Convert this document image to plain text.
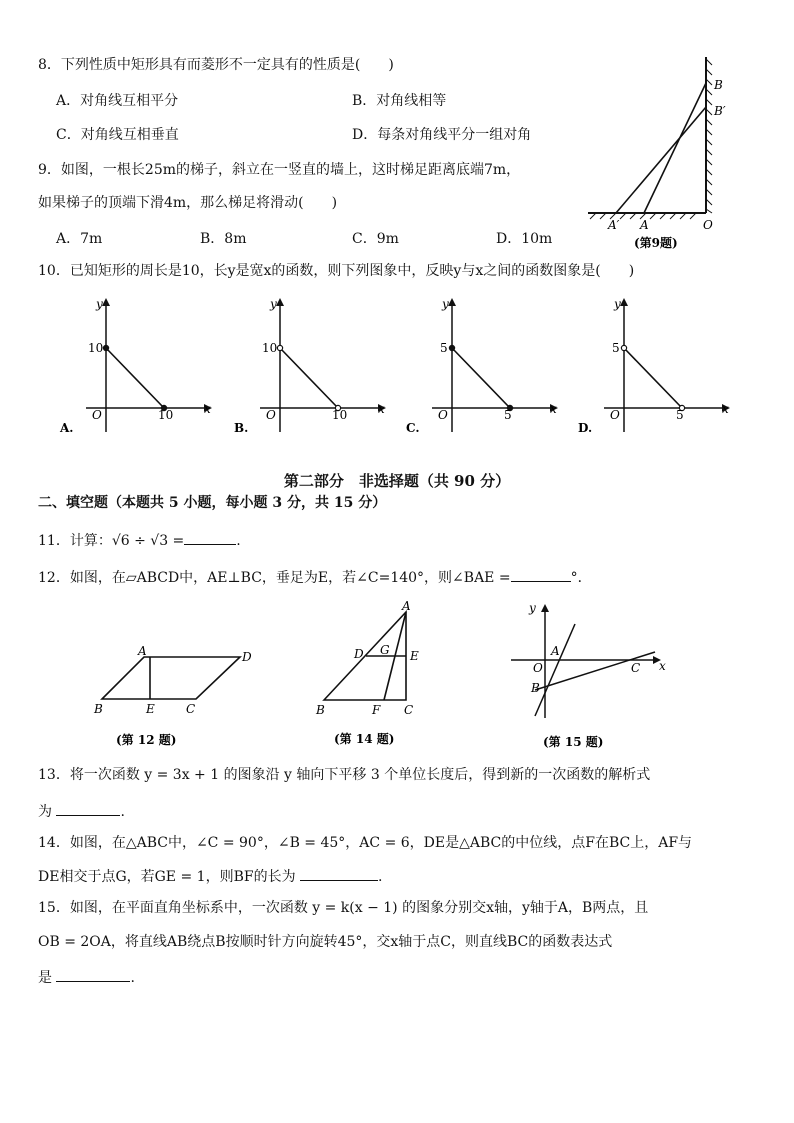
8．下列性质中矩形具有而菱形不一定具有的性质是(　　)
A．对角线互相平分	B．对角线相等
C．对角线互相垂直	D．每条对角线平分一组对角
9．如图，一根长25m的梯子，斜立在一竖直的墙上，这时梯足距离底端7m，
如果梯子的顶端下滑4m，那么梯足将滑动(　　)
A．7m	B．8m	C．9m	D．10m
B
B′
A′ A	O
(第9题)
10．已知矩形的周长是10，长y是宽x的函数，则下列图象中，反映y与x之间的函数图象是(　　)
y
x
O
10
10
A.
y
x
O
10
10
B.
y
x
O
5
5
C.
y
x
O
5
5
D.
第二部分　非选择题（共 90 分）
二、填空题（本题共 5 小题，每小题 3 分，共 15 分）
11．计算：√6 ÷ √3 =	.
12．如图，在▱ABCD中，AE⊥BC，垂足为E，若∠C=140°，则∠BAE =	°．
A	D
B	E	C
(第 12 题)
A
D G E
B	F C
(第 14 题)
y
A
O	C x
B
(第 15 题)
13．将一次函数 y = 3x + 1 的图象沿 y 轴向下平移 3 个单位长度后，得到新的一次函数的解析式
为	.
14．如图，在△ABC中，∠C = 90°，∠B = 45°，AC = 6，DE是△ABC的中位线，点F在BC上，AF与
DE相交于点G，若GE = 1，则BF的长为	.
15．如图，在平面直角坐标系中，一次函数 y = k(x − 1) 的图象分别交x轴，y轴于A，B两点，且
OB = 2OA，将直线AB绕点B按顺时针方向旋转45°，交x轴于点C，则直线BC的函数表达式
是	.
